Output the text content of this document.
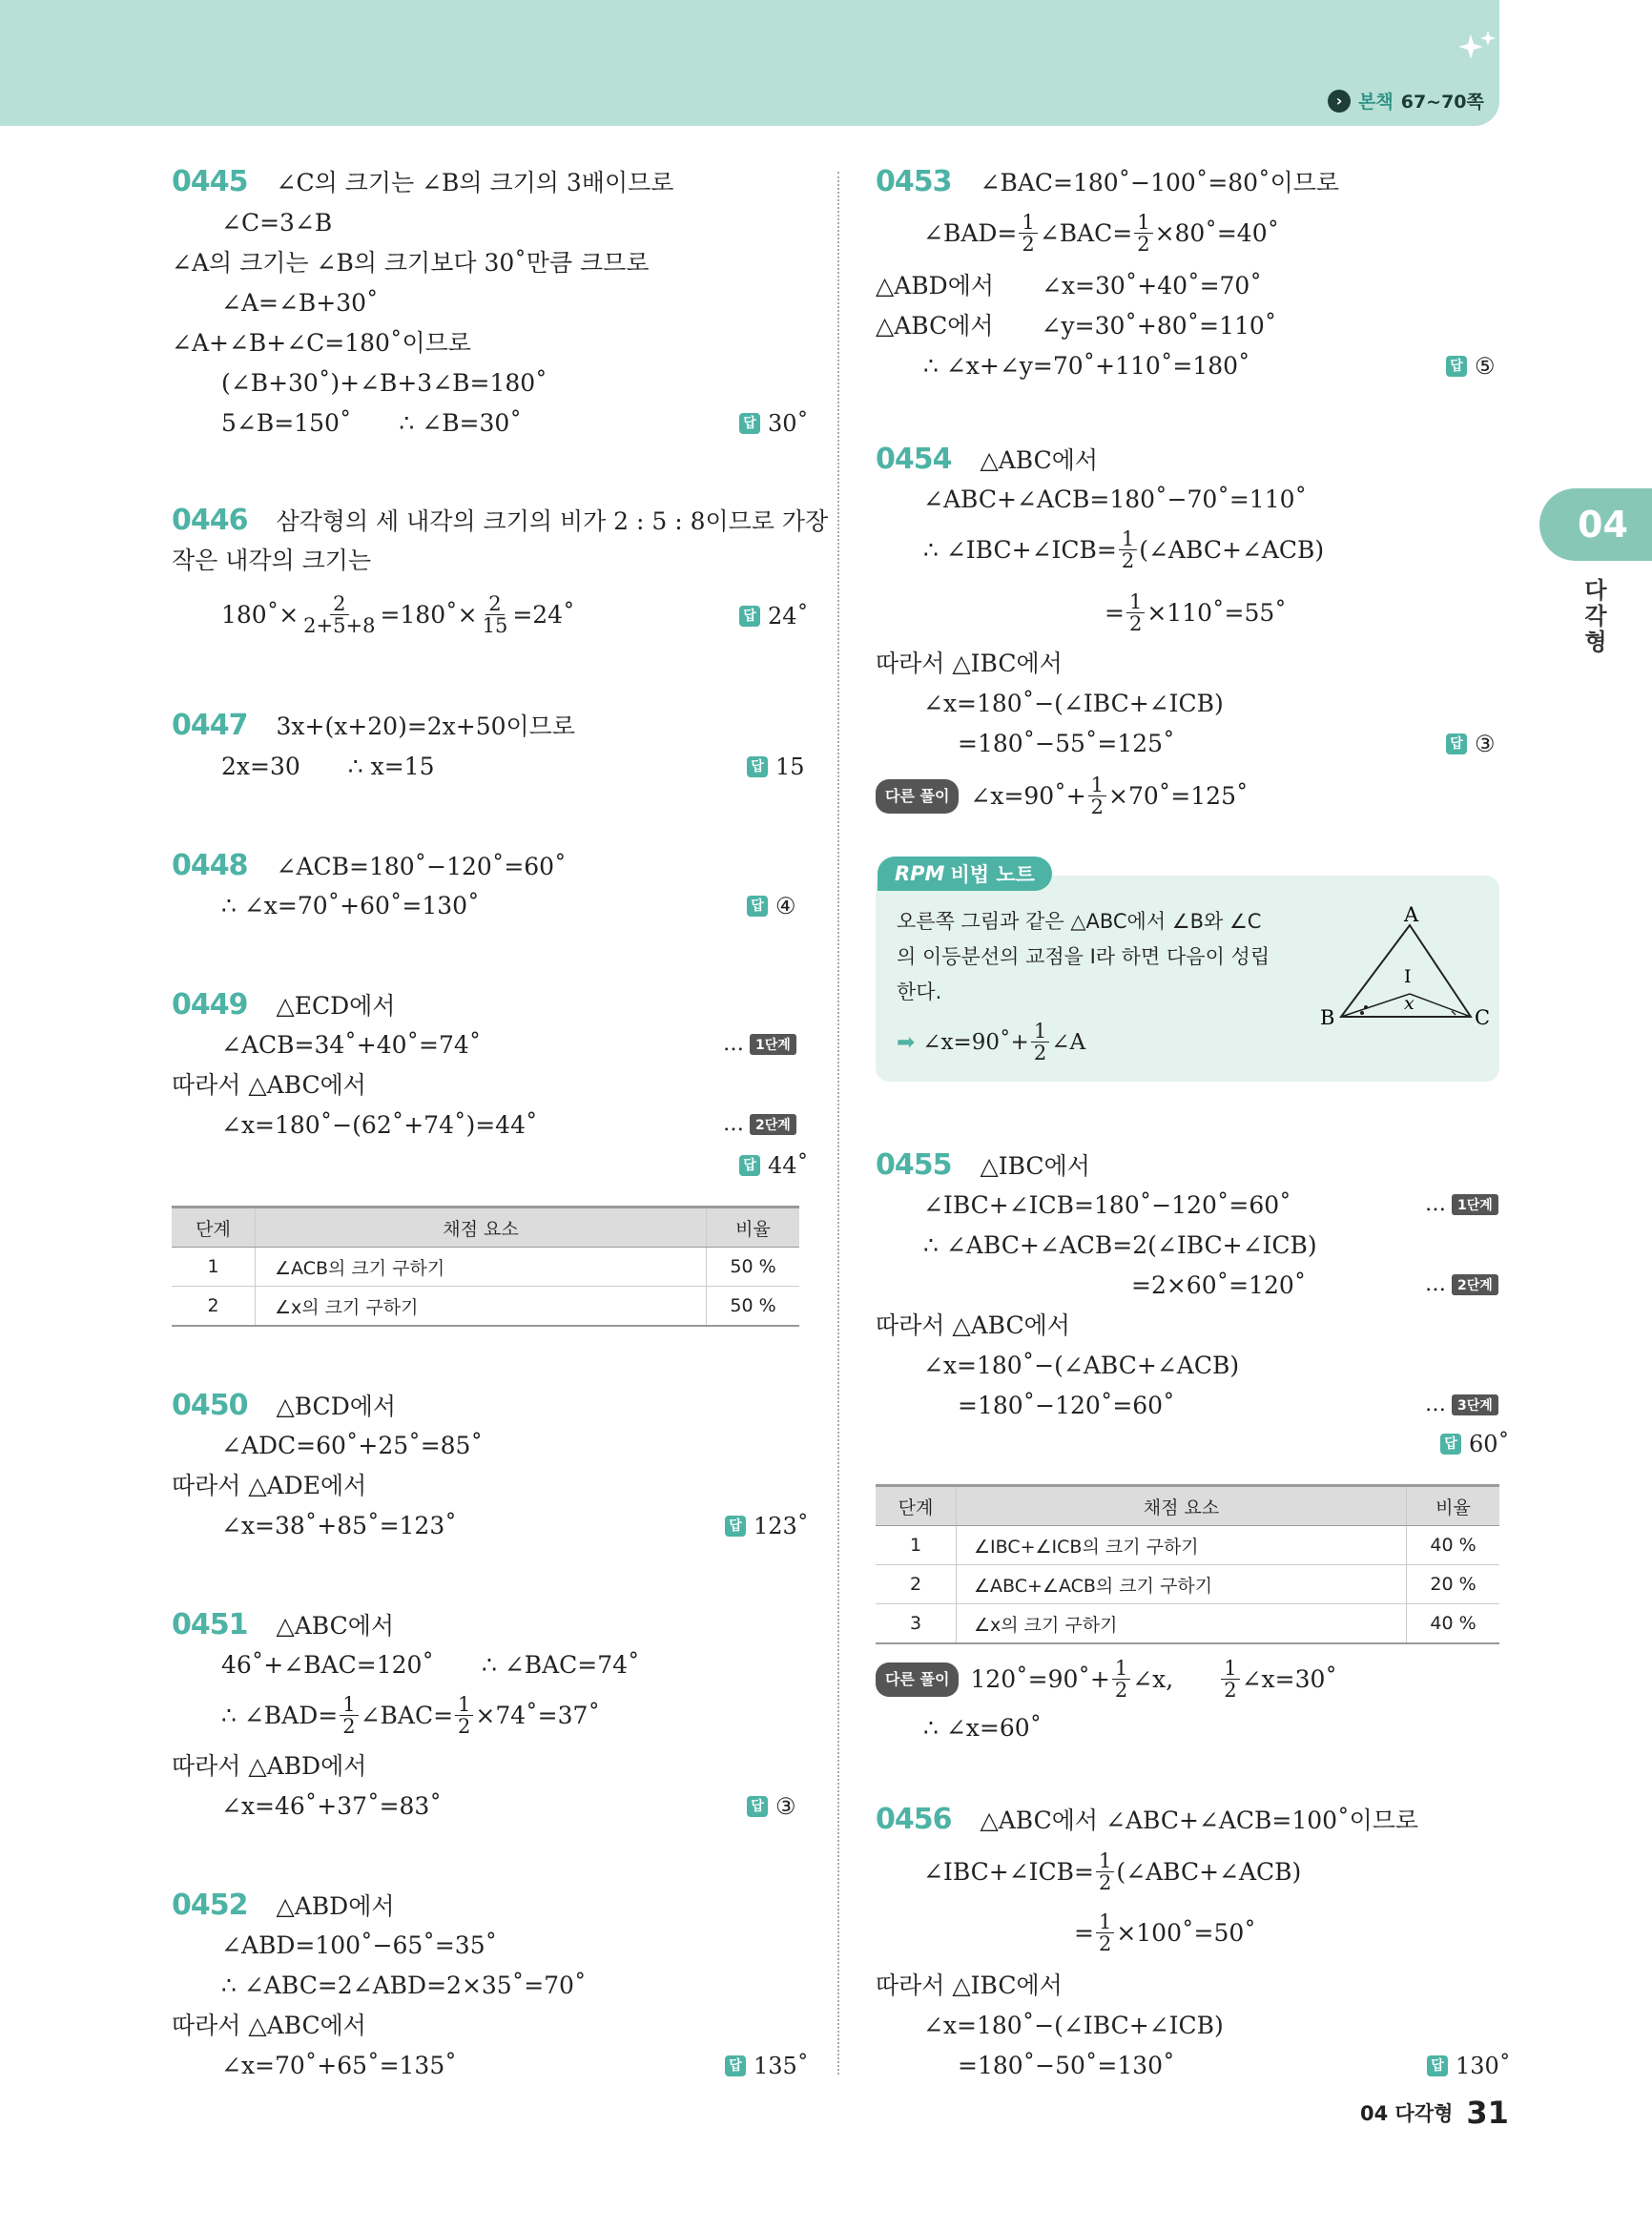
› 본책 67~70쪽
04
다
각
형
0445 ∠C의 크기는 ∠B의 크기의 3배이므로
∠C=3∠B
∠A의 크기는 ∠B의 크기보다 30˚만큼 크므로
∠A=∠B+30˚
∠A+∠B+∠C=180˚이므로
(∠B+30˚)+∠B+3∠B=180˚
5∠B=150˚ ∴ ∠B=30˚	답 30˚
0446 삼각형의 세 내각의 크기의 비가 2 : 5 : 8이므로 가장
작은 내각의 크기는
180˚× $\frac{2}{2+5+8}$ =180˚× $\frac{2}{15}$ =24˚	답 24˚
0447 3x+(x+20)=2x+50이므로
2x=30 ∴ x=15	답 15
0448 ∠ACB=180˚−120˚=60˚
∴ ∠x=70˚+60˚=130˚	답 ④
0449 △ECD에서
∠ACB=34˚+40˚=74˚	… 1단계
따라서 △ABC에서
∠x=180˚−(62˚+74˚)=44˚	… 2단계
답 44˚
단계	채점 요소	비율
1	∠ACB의 크기 구하기	50 %
2	∠x의 크기 구하기	50 %
0450 △BCD에서
∠ADC=60˚+25˚=85˚
따라서 △ADE에서
∠x=38˚+85˚=123˚	답 123˚
0451 △ABC에서
46˚+∠BAC=120˚ ∴ ∠BAC=74˚
∴ ∠BAD= $\frac{1}{2}$ ∠BAC= $\frac{1}{2}$ ×74˚=37˚
따라서 △ABD에서
∠x=46˚+37˚=83˚	답 ③
0452 △ABD에서
∠ABD=100˚−65˚=35˚
∴ ∠ABC=2∠ABD=2×35˚=70˚
따라서 △ABC에서
∠x=70˚+65˚=135˚	답 135˚
0453 ∠BAC=180˚−100˚=80˚이므로
∠BAD= $\frac{1}{2}$ ∠BAC= $\frac{1}{2}$ ×80˚=40˚
△ABD에서 ∠x=30˚+40˚=70˚
△ABC에서 ∠y=30˚+80˚=110˚
∴ ∠x+∠y=70˚+110˚=180˚	답 ⑤
0454 △ABC에서
∠ABC+∠ACB=180˚−70˚=110˚
∴ ∠IBC+∠ICB= $\frac{1}{2}$ (∠ABC+∠ACB)
= $\frac{1}{2}$ ×110˚=55˚
따라서 △IBC에서
∠x=180˚−(∠IBC+∠ICB)
=180˚−55˚=125˚	답 ③
다른 풀이 ∠x=90˚+ $\frac{1}{2}$ ×70˚=125˚
RPM 비법 노트
오른쪽 그림과 같은 △ABC에서 ∠B와 ∠C
의 이등분선의 교점을 I라 하면 다음이 성립
한다.
➡ ∠x=90˚+ $\frac{1}{2}$ ∠A
A
B	C
I
x
0455 △IBC에서
∠IBC+∠ICB=180˚−120˚=60˚	… 1단계
∴ ∠ABC+∠ACB=2(∠IBC+∠ICB)
=2×60˚=120˚	… 2단계
따라서 △ABC에서
∠x=180˚−(∠ABC+∠ACB)
=180˚−120˚=60˚	… 3단계
답 60˚
단계	채점 요소	비율
1	∠IBC+∠ICB의 크기 구하기	40 %
2	∠ABC+∠ACB의 크기 구하기	20 %
3	∠x의 크기 구하기	40 %
다른 풀이 120˚=90˚+ $\frac{1}{2}$ ∠x, $\frac{1}{2}$ ∠x=30˚
∴ ∠x=60˚
0456 △ABC에서 ∠ABC+∠ACB=100˚이므로
∠IBC+∠ICB= $\frac{1}{2}$ (∠ABC+∠ACB)
= $\frac{1}{2}$ ×100˚=50˚
따라서 △IBC에서
∠x=180˚−(∠IBC+∠ICB)
=180˚−50˚=130˚	답 130˚
04 다각형 31
